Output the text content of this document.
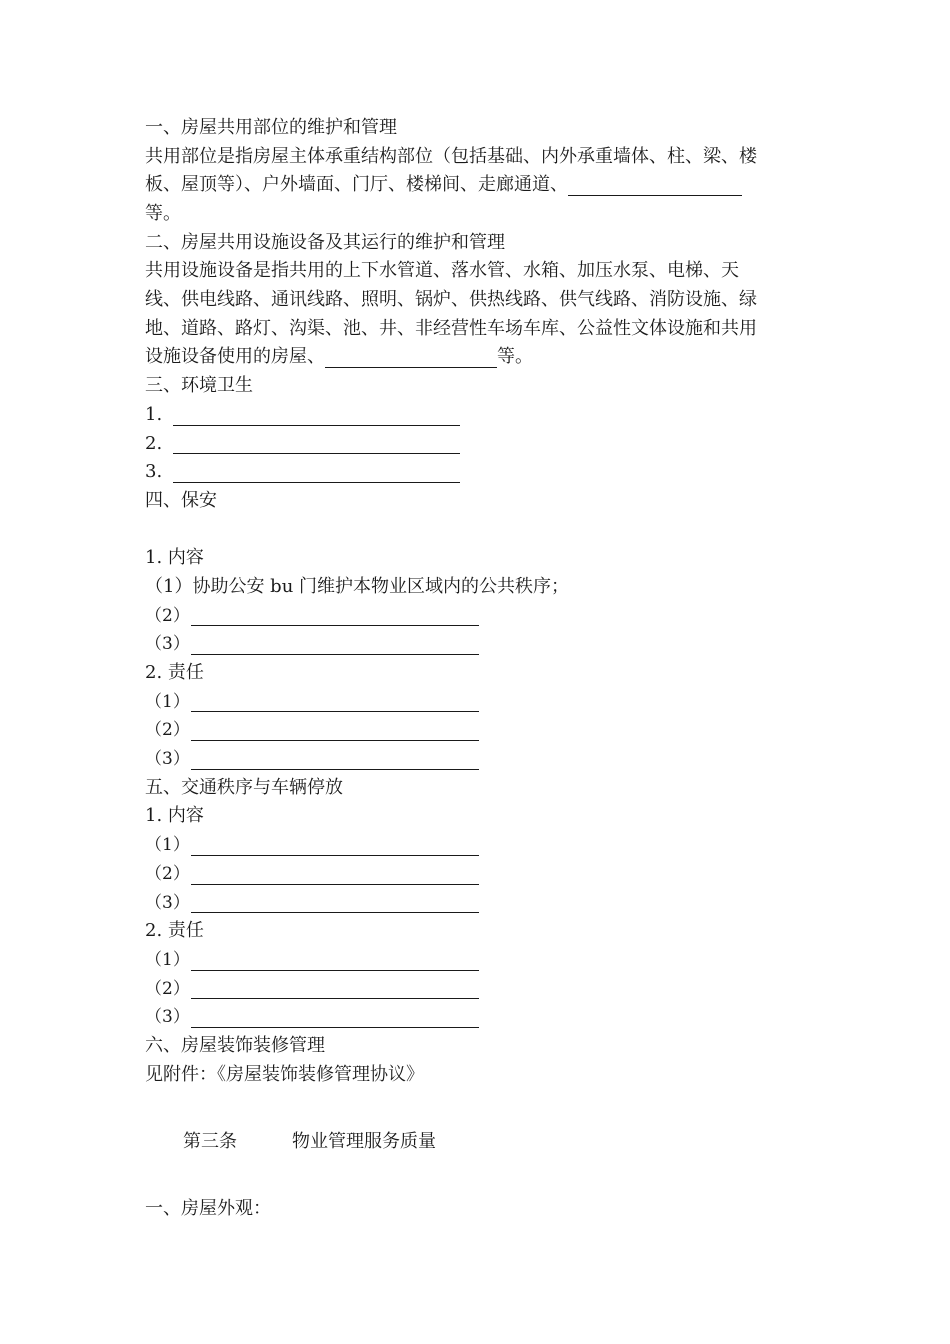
一、房屋共用部位的维护和管理
共用部位是指房屋主体承重结构部位（包括基础、内外承重墙体、柱、梁、楼
板、屋顶等）、户外墙面、门厅、楼梯间、走廊通道、
等。
二、房屋共用设施设备及其运行的维护和管理
共用设施设备是指共用的上下水管道、落水管、水箱、加压水泵、电梯、天
线、供电线路、通讯线路、照明、锅炉、供热线路、供气线路、消防设施、绿
地、道路、路灯、沟渠、池、井、非经营性车场车库、公益性文体设施和共用
设施设备使用的房屋、	等。
三、环境卫生
1.
2.
3.
四、保安
1. 内容
（1）协助公安 bu 门维护本物业区域内的公共秩序；
（2）
（3）
2. 责任
（1）
（2）
（3）
五、交通秩序与车辆停放
1. 内容
（1）
（2）
（3）
2. 责任
（1）
（2）
（3）
六、房屋装饰装修管理
见附件：《房屋装饰装修管理协议》
第三条	物业管理服务质量
一、房屋外观：
